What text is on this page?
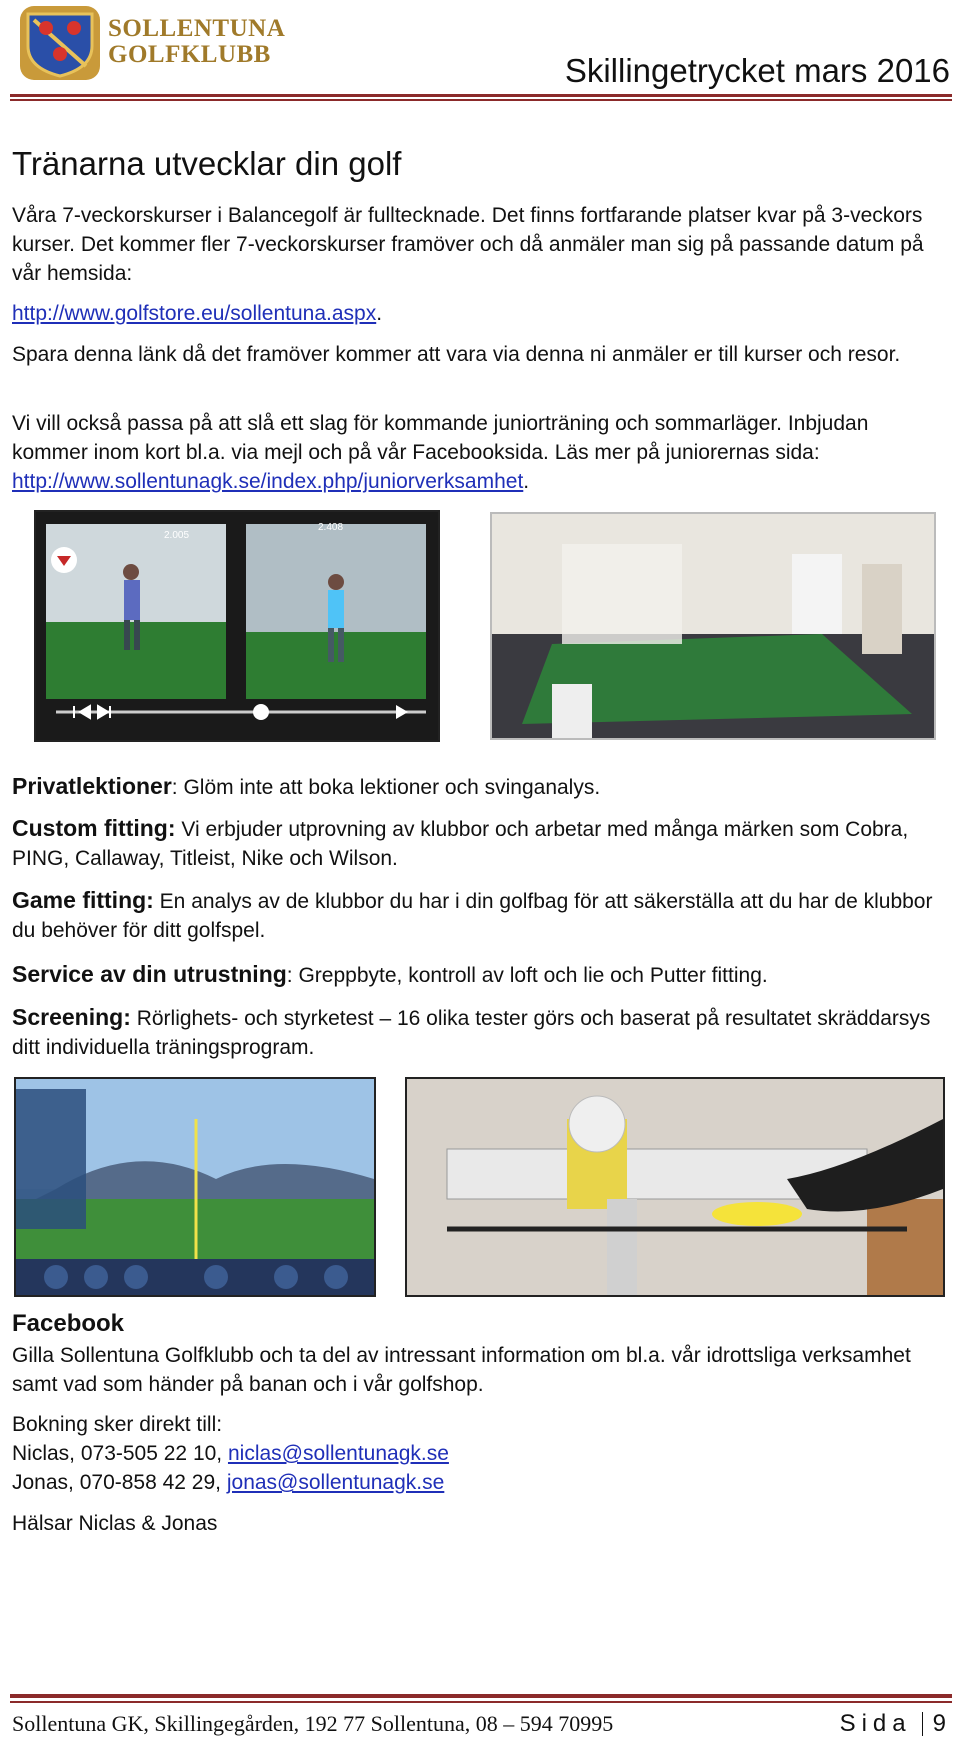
SOLLENTUNA
GOLFKLUBB	Skillingetrycket mars 2016
Tränarna utvecklar din golf

Våra 7-veckorskurser i Balancegolf är fulltecknade. Det finns fortfarande platser kvar på 3-veckors kurser. Det kommer fler 7-veckorskurser framöver och då anmäler man sig på passande datum på vår hemsida:

http://www.golfstore.eu/sollentuna.aspx.

Spara denna länk då det framöver kommer att vara via denna ni anmäler er till kurser och resor.

Vi vill också passa på att slå ett slag för kommande juniorträning och sommarläger. Inbjudan kommer inom kort bl.a. via mejl och på vår Facebooksida. Läs mer på juniorernas sida: http://www.sollentunagk.se/index.php/juniorverksamhet.

2.005
2.408

Privatlektioner: Glöm inte att boka lektioner och svinganalys.

Custom fitting: Vi erbjuder utprovning av klubbor och arbetar med många märken som Cobra, PING, Callaway, Titleist, Nike och Wilson.

Game fitting: En analys av de klubbor du har i din golfbag för att säkerställa att du har de klubbor du behöver för ditt golfspel.

Service av din utrustning: Greppbyte, kontroll av loft och lie och Putter fitting.

Screening: Rörlighets- och styrketest – 16 olika tester görs och baserat på resultatet skräddarsys ditt individuella träningsprogram.

Facebook

Gilla Sollentuna Golfklubb och ta del av intressant information om bl.a. vår idrottsliga verksamhet samt vad som händer på banan och i vår golfshop.

Bokning sker direkt till:

Niclas, 073-505 22 10, niclas@sollentunagk.se

Jonas, 070-858 42 29, jonas@sollentunagk.se

Hälsar Niclas & Jonas

Sollentuna GK, Skillingegården, 192 77 Sollentuna, 08 – 594 70995	Sida 9
